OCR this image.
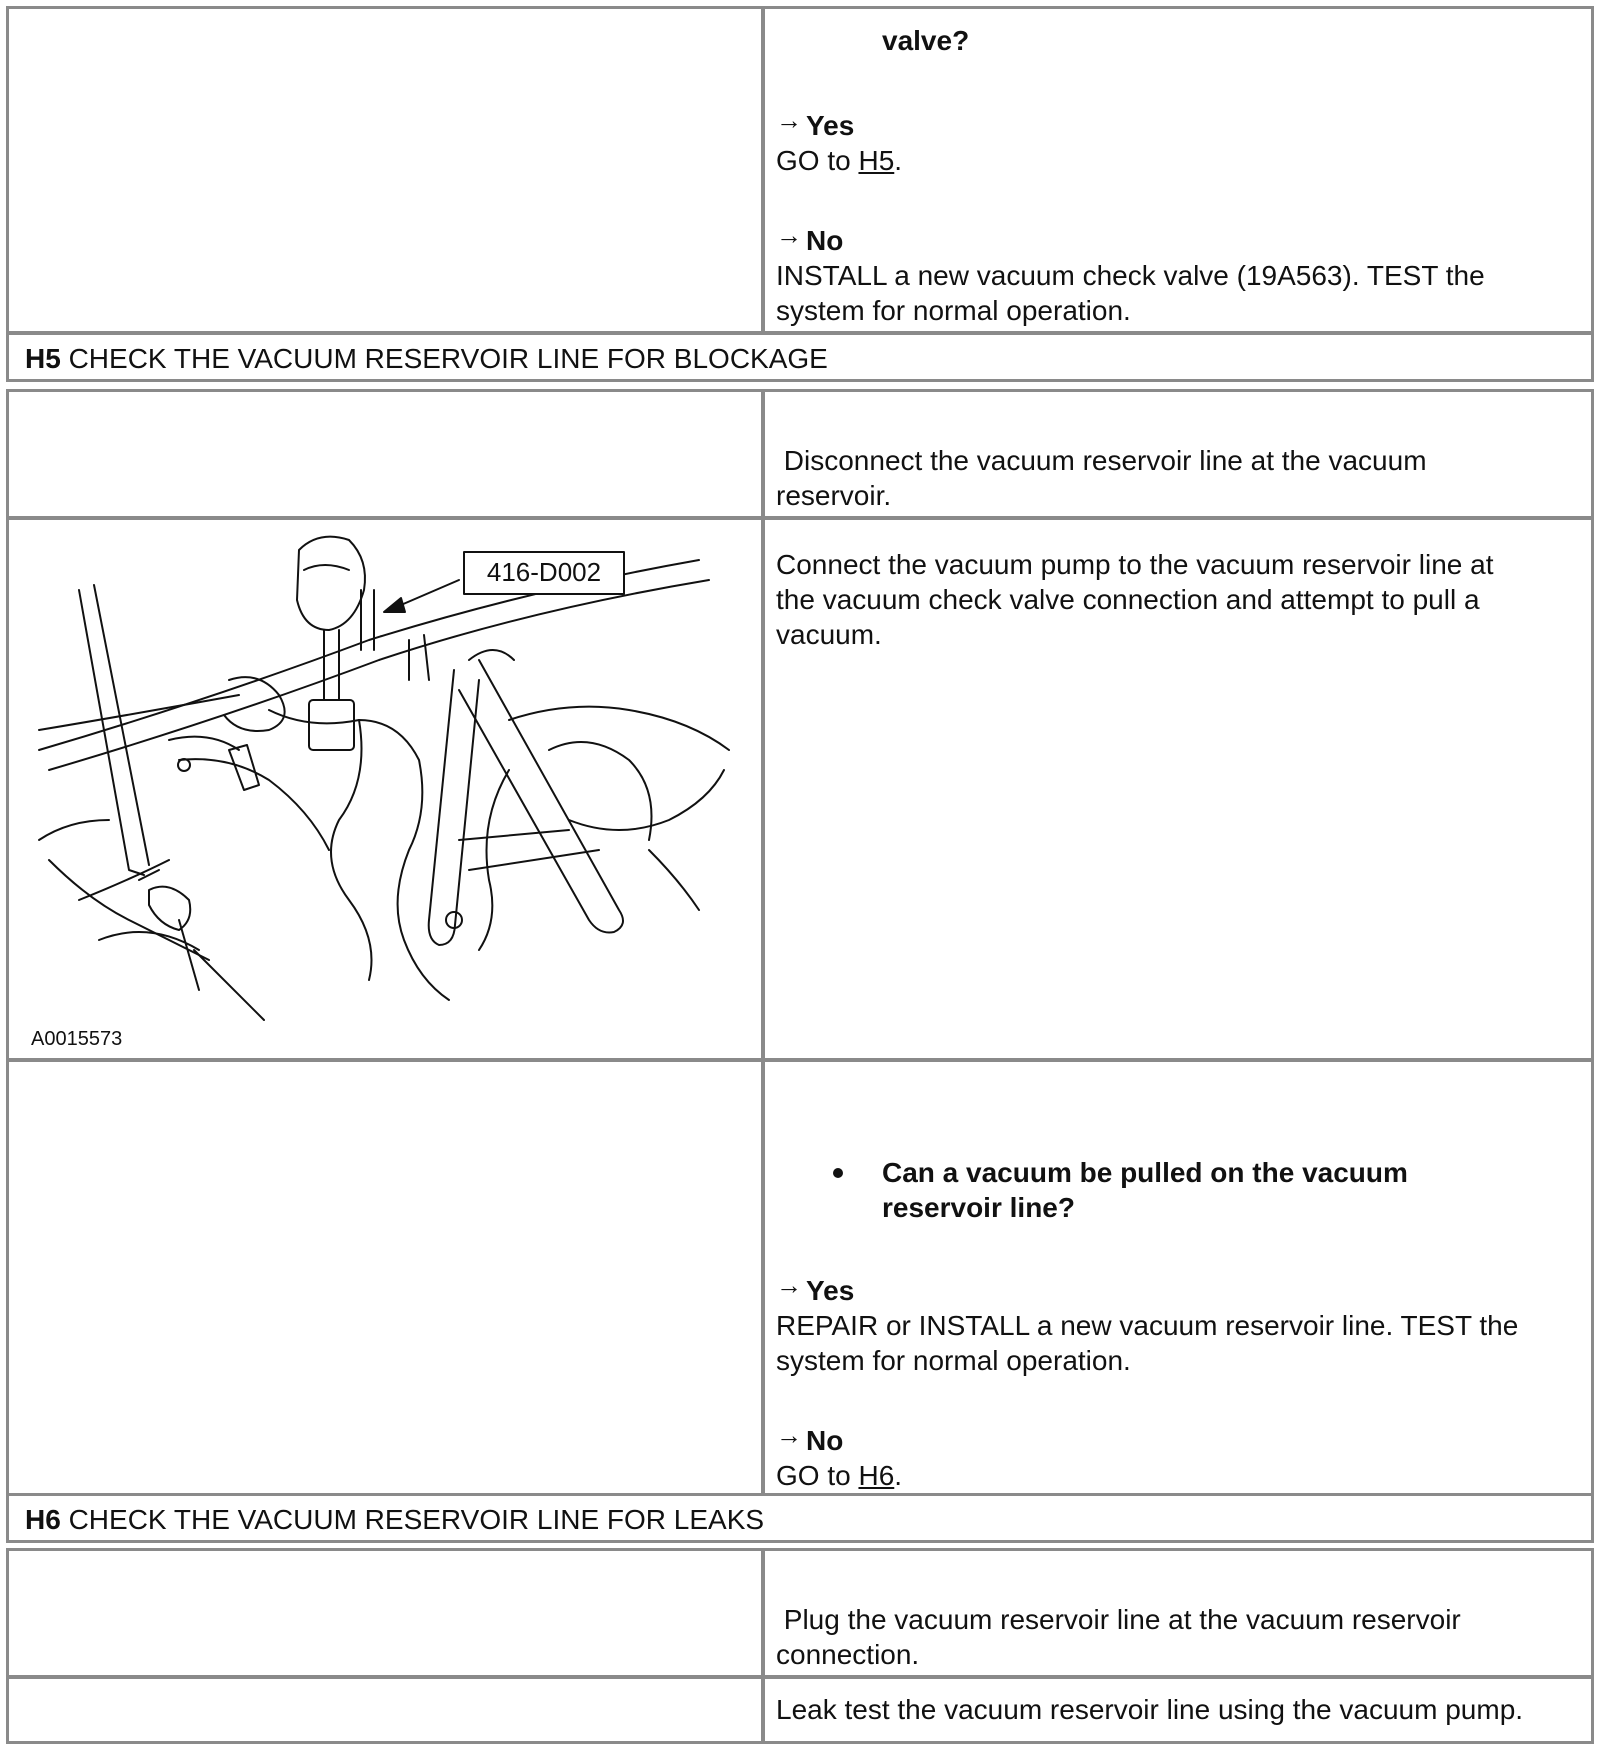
valve?
→ Yes
GO to H5.
→ No
INSTALL a new vacuum check valve (19A563). TEST the
system for normal operation.
H5 CHECK THE VACUUM RESERVOIR LINE FOR BLOCKAGE
Disconnect the vacuum reservoir line at the vacuum
reservoir.
416-D002
A0015573
Connect the vacuum pump to the vacuum reservoir line at
the vacuum check valve connection and attempt to pull a
vacuum.
Can a vacuum be pulled on the vacuum
reservoir line?
→ Yes
REPAIR or INSTALL a new vacuum reservoir line. TEST the
system for normal operation.
→ No
GO to H6.
H6 CHECK THE VACUUM RESERVOIR LINE FOR LEAKS
Plug the vacuum reservoir line at the vacuum reservoir
connection.
Leak test the vacuum reservoir line using the vacuum pump.
